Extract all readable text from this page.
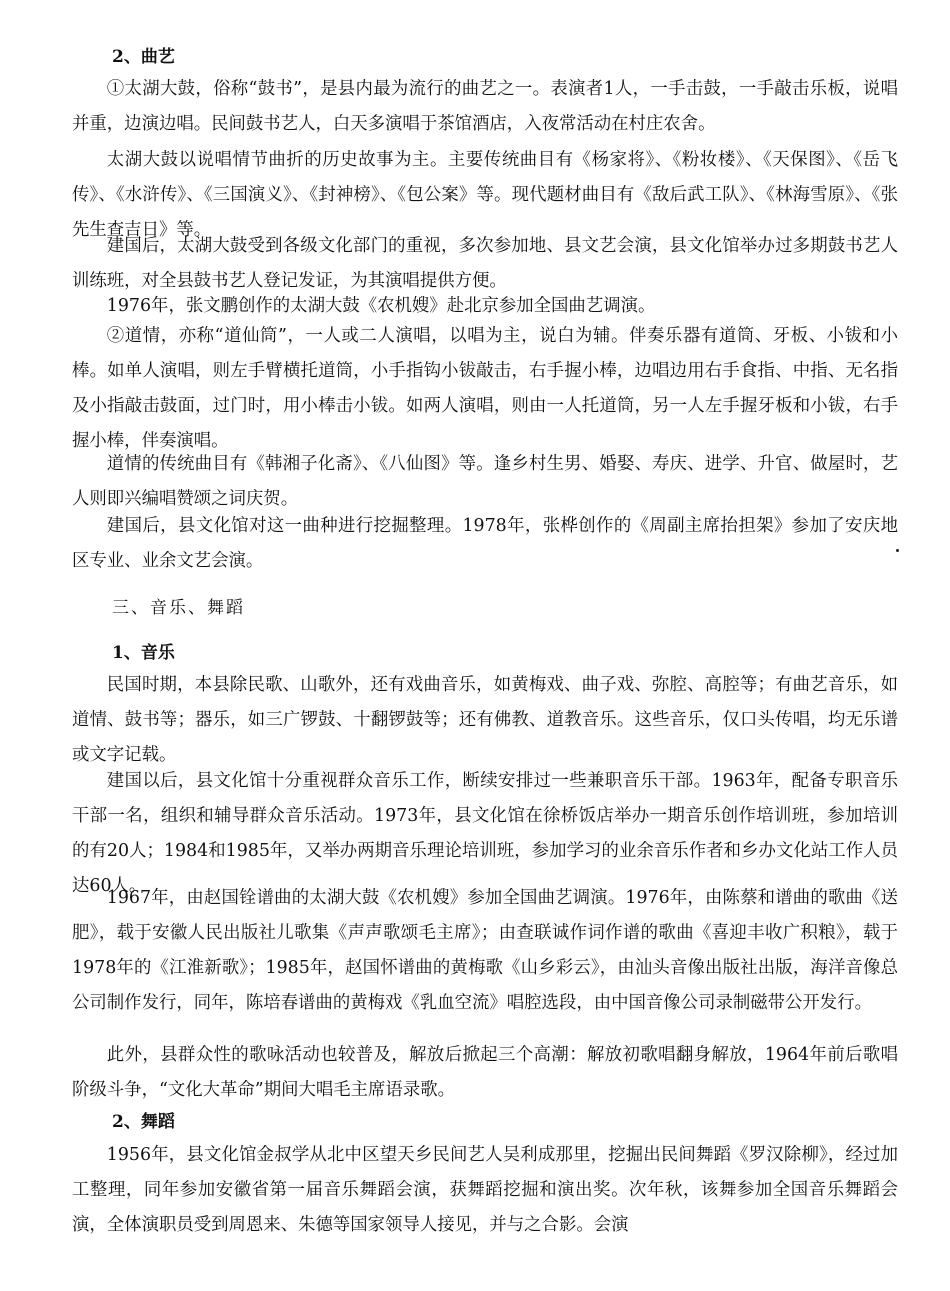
2、曲艺

①太湖大鼓，俗称“鼓书”，是县内最为流行的曲艺之一。表演者1人，一手击鼓，一手敲击乐板，说唱并重，边演边唱。民间鼓书艺人，白天多演唱于茶馆酒店，入夜常活动在村庄农舍。

太湖大鼓以说唱情节曲折的历史故事为主。主要传统曲目有《杨家将》、《粉妆楼》、《天保图》、《岳飞传》、《水浒传》、《三国演义》、《封神榜》、《包公案》等。现代题材曲目有《敌后武工队》、《林海雪原》、《张先生查吉日》等。

建国后，太湖大鼓受到各级文化部门的重视，多次参加地、县文艺会演，县文化馆举办过多期鼓书艺人训练班，对全县鼓书艺人登记发证，为其演唱提供方便。

1976年，张文鹏创作的太湖大鼓《农机嫂》赴北京参加全国曲艺调演。

②道情，亦称“道仙筒”，一人或二人演唱，以唱为主，说白为辅。伴奏乐器有道筒、牙板、小钹和小棒。如单人演唱，则左手臂横托道筒，小手指钩小钹敲击，右手握小棒，边唱边用右手食指、中指、无名指及小指敲击鼓面，过门时，用小棒击小钹。如两人演唱，则由一人托道筒，另一人左手握牙板和小钹，右手握小棒，伴奏演唱。

道情的传统曲目有《韩湘子化斋》、《八仙图》等。逢乡村生男、婚娶、寿庆、进学、升官、做屋时，艺人则即兴编唱赞颂之词庆贺。

建国后，县文化馆对这一曲种进行挖掘整理。1978年，张桦创作的《周副主席抬担架》参加了安庆地区专业、业余文艺会演。

三、音乐、舞蹈
1、音乐

民国时期，本县除民歌、山歌外，还有戏曲音乐，如黄梅戏、曲子戏、弥腔、高腔等；有曲艺音乐，如道情、鼓书等；器乐，如三广锣鼓、十翻锣鼓等；还有佛教、道教音乐。这些音乐，仅口头传唱，均无乐谱或文字记载。

建国以后，县文化馆十分重视群众音乐工作，断续安排过一些兼职音乐干部。1963年，配备专职音乐干部一名，组织和辅导群众音乐活动。1973年，县文化馆在徐桥饭店举办一期音乐创作培训班，参加培训的有20人；1984和1985年，又举办两期音乐理论培训班，参加学习的业余音乐作者和乡办文化站工作人员达60人。

1967年，由赵国铨谱曲的太湖大鼓《农机嫂》参加全国曲艺调演。1976年，由陈蔡和谱曲的歌曲《送肥》，载于安徽人民出版社儿歌集《声声歌颂毛主席》；由查联诚作词作谱的歌曲《喜迎丰收广积粮》，载于1978年的《江淮新歌》；1985年，赵国怀谱曲的黄梅歌《山乡彩云》，由汕头音像出版社出版，海洋音像总公司制作发行，同年，陈培春谱曲的黄梅戏《乳血空流》唱腔选段，由中国音像公司录制磁带公开发行。

此外，县群众性的歌咏活动也较普及，解放后掀起三个高潮：解放初歌唱翻身解放，1964年前后歌唱阶级斗争，“文化大革命”期间大唱毛主席语录歌。

2、舞蹈

1956年，县文化馆金叔学从北中区望天乡民间艺人吴利成那里，挖掘出民间舞蹈《罗汉除柳》，经过加工整理，同年参加安徽省第一届音乐舞蹈会演，获舞蹈挖掘和演出奖。次年秋，该舞参加全国音乐舞蹈会演，全体演职员受到周恩来、朱德等国家领导人接见，并与之合影。会演
